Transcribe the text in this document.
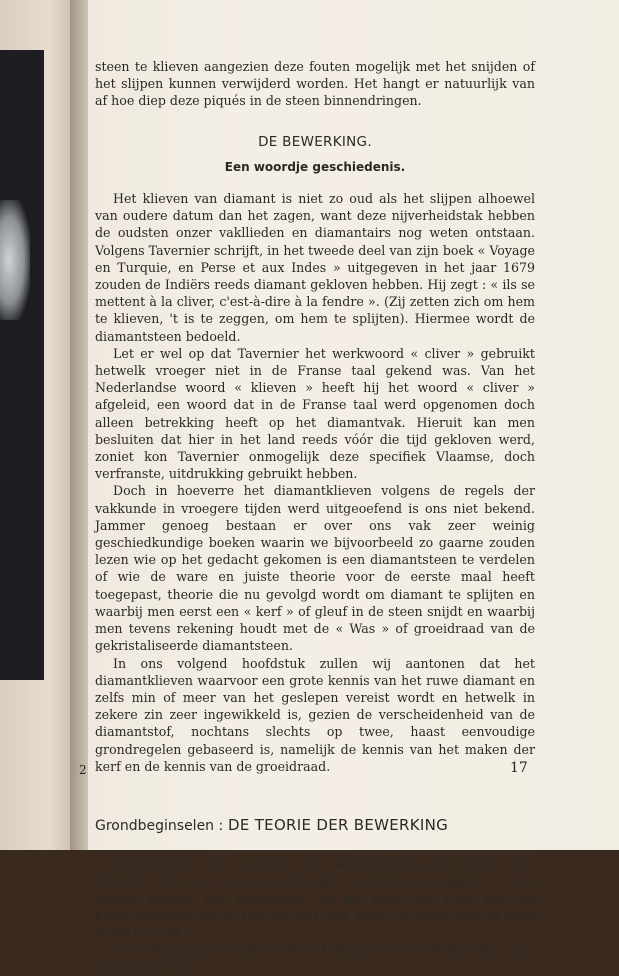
2

steen te klieven aangezien deze fouten mogelijk met het snijden of het slijpen kunnen verwijderd worden. Het hangt er natuurlijk van af hoe diep deze piqués in de steen binnendringen.

DE BEWERKING.
Een woordje geschiedenis.

Het klieven van diamant is niet zo oud als het slijpen alhoewel van oudere datum dan het zagen, want deze nijverheidstak hebben de oudsten onzer vakllieden en diamantairs nog weten ontstaan. Volgens Tavernier schrijft, in het tweede deel van zijn boek « Voyage en Turquie, en Perse et aux Indes » uitgegeven in het jaar 1679 zouden de Indiërs reeds diamant gekloven hebben. Hij zegt : « ils se mettent à la cliver, c'est-à-dire à la fendre ». (Zij zetten zich om hem te klieven, 't is te zeggen, om hem te splijten). Hiermee wordt de diamantsteen bedoeld.

Let er wel op dat Tavernier het werkwoord « cliver » gebruikt hetwelk vroeger niet in de Franse taal gekend was. Van het Nederlandse woord « klieven » heeft hij het woord « cliver » afgeleid, een woord dat in de Franse taal werd opgenomen doch alleen betrekking heeft op het diamantvak. Hieruit kan men besluiten dat hier in het land reeds vóór die tijd gekloven werd, zoniet kon Tavernier onmogelijk deze specifiek Vlaamse, doch verfranste, uitdrukking gebruikt hebben.

Doch in hoeverre het diamantklieven volgens de regels der vakkunde in vroegere tijden werd uitgeoefend is ons niet bekend. Jammer genoeg bestaan er over ons vak zeer weinig geschiedkundige boeken waarin we bijvoorbeeld zo gaarne zouden lezen wie op het gedacht gekomen is een diamantsteen te verdelen of wie de ware en juiste theorie voor de eerste maal heeft toegepast, theorie die nu gevolgd wordt om diamant te splijten en waarbij men eerst een « kerf » of gleuf in de steen snijdt en waarbij men tevens rekening houdt met de « Was » of groeidraad van de gekristaliseerde diamantsteen.

In ons volgend hoofdstuk zullen wij aantonen dat het diamantklieven waarvoor een grote kennis van het ruwe diamant en zelfs min of meer van het geslepen vereist wordt en hetwelk in zekere zin zeer ingewikkeld is, gezien de verscheidenheid van de diamantstof, nochtans slechts op twee, haast eenvoudige grondregelen gebaseerd is, namelijk de kennis van het maken der kerf en de kennis van de groeidraad.

Grondbeginselen : DE TEORIE DER BEWERKING

Handelende over de wijze van bewerking bij het klieven van diamant, zou men in zeer beknopte taal kunnen zeggen : « De kliever plaatst het kloversmes op de steen en slaat met de kloversmhamer op de rug van het mes zodat de steen zich in twee delen scheidt ».

Deze bepaling is juist doch zo beknopt en onvolledig dat, mits toepassing van

17
